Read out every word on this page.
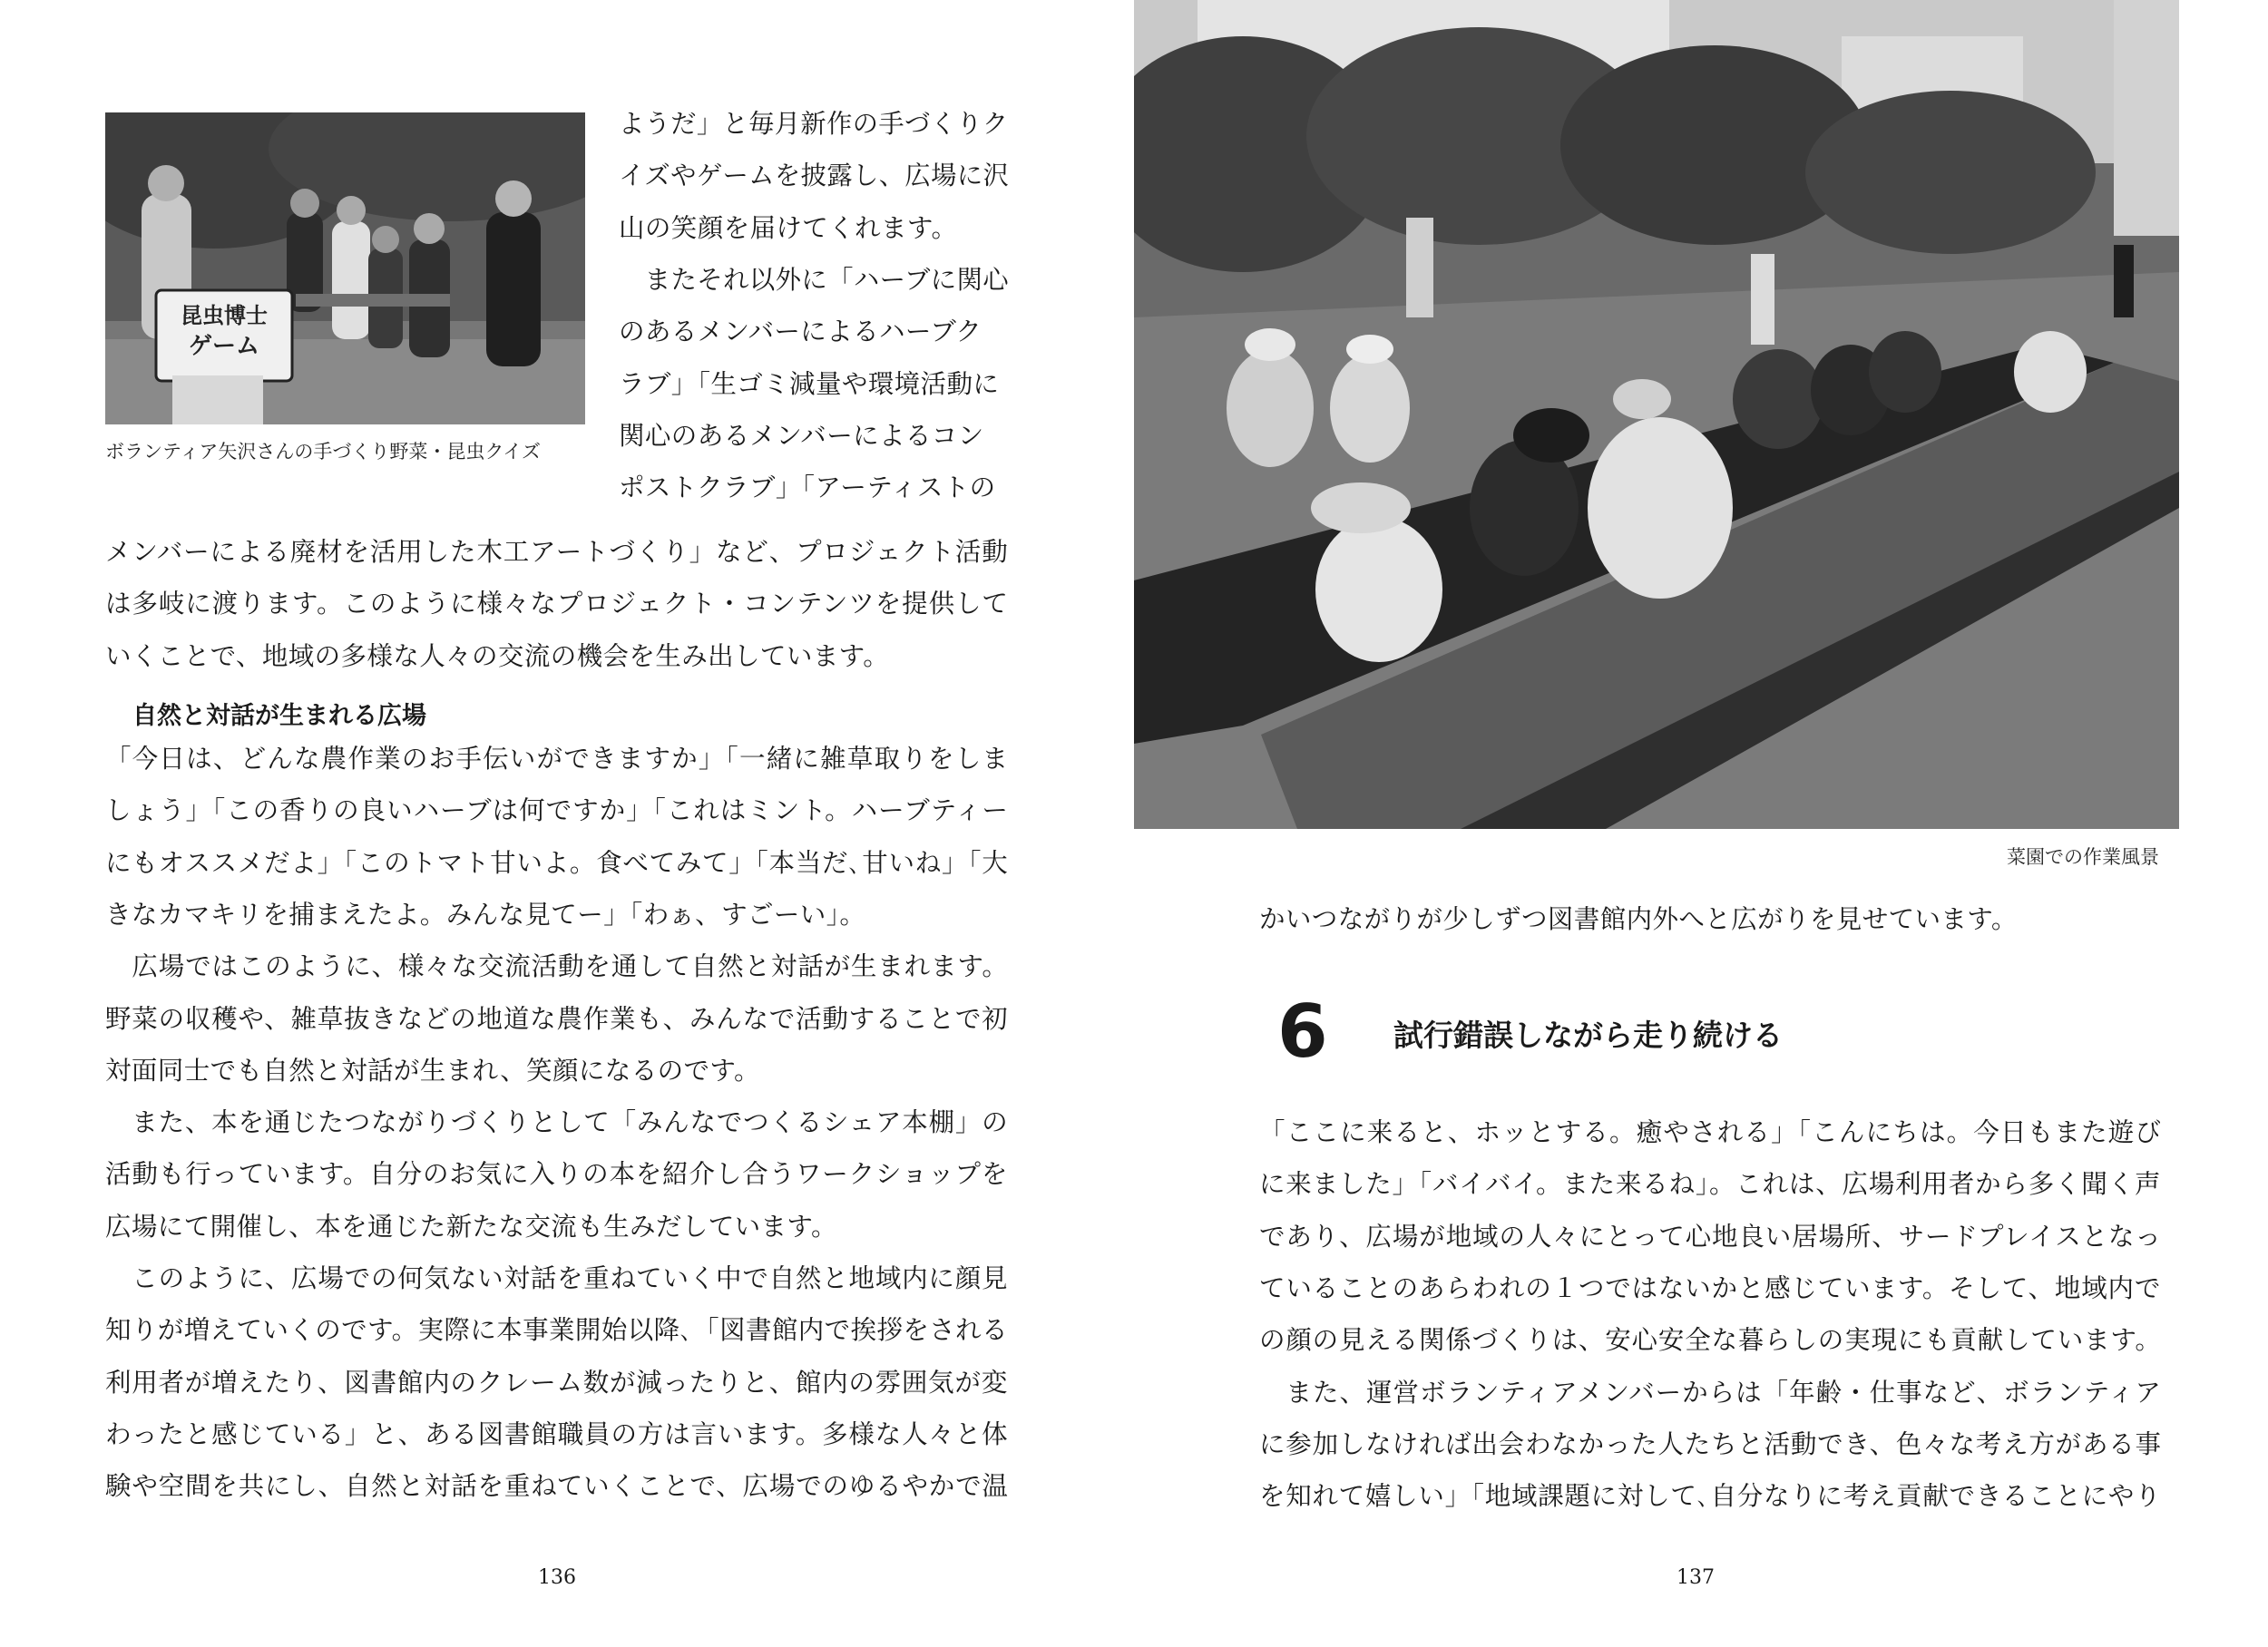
昆虫博士
ゲーム
ボランティア矢沢さんの手づくり野菜・昆虫クイズ
ようだ」と毎月新作の手づくりク
イズやゲームを披露し、広場に沢
山の笑顔を届けてくれます。
　またそれ以外に「ハーブに関心
のあるメンバーによるハーブク
ラブ」「生ゴミ減量や環境活動に
関心のあるメンバーによるコン
ポストクラブ」「アーティストの
メンバーによる廃材を活用した木工アートづくり」など、プロジェクト活動
は多岐に渡ります。このように様々なプロジェクト・コンテンツを提供して
いくことで、地域の多様な人々の交流の機会を生み出しています。
自然と対話が生まれる広場
「今日は、どんな農作業のお手伝いができますか」「一緒に雑草取りをしま
しょう」「この香りの良いハーブは何ですか」「これはミント。ハーブティー
にもオススメだよ」「このトマト甘いよ。食べてみて」「本当だ､甘いね」「大
きなカマキリを捕まえたよ。みんな見てー」「わぁ、すごーい」。
　広場ではこのように、様々な交流活動を通して自然と対話が生まれます。
野菜の収穫や、雑草抜きなどの地道な農作業も、みんなで活動することで初
対面同士でも自然と対話が生まれ、笑顔になるのです。
　また、本を通じたつながりづくりとして「みんなでつくるシェア本棚」の
活動も行っています。自分のお気に入りの本を紹介し合うワークショップを
広場にて開催し、本を通じた新たな交流も生みだしています。
　このように、広場での何気ない対話を重ねていく中で自然と地域内に顔見
知りが増えていくのです。実際に本事業開始以降､「図書館内で挨拶をされる
利用者が増えたり、図書館内のクレーム数が減ったりと、館内の雰囲気が変
わったと感じている」と、ある図書館職員の方は言います。多様な人々と体
験や空間を共にし、自然と対話を重ねていくことで、広場でのゆるやかで温
136
菜園での作業風景
かいつながりが少しずつ図書館内外へと広がりを見せています。
6 試行錯誤しながら走り続ける
「ここに来ると、ホッとする。癒やされる」「こんにちは。今日もまた遊び
に来ました」「バイバイ。また来るね」。これは、広場利用者から多く聞く声
であり、広場が地域の人々にとって心地良い居場所、サードプレイスとなっ
ていることのあらわれの１つではないかと感じています。そして、地域内で
の顔の見える関係づくりは、安心安全な暮らしの実現にも貢献しています。
　また、運営ボランティアメンバーからは「年齢・仕事など、ボランティア
に参加しなければ出会わなかった人たちと活動でき、色々な考え方がある事
を知れて嬉しい」「地域課題に対して､自分なりに考え貢献できることにやり
137
